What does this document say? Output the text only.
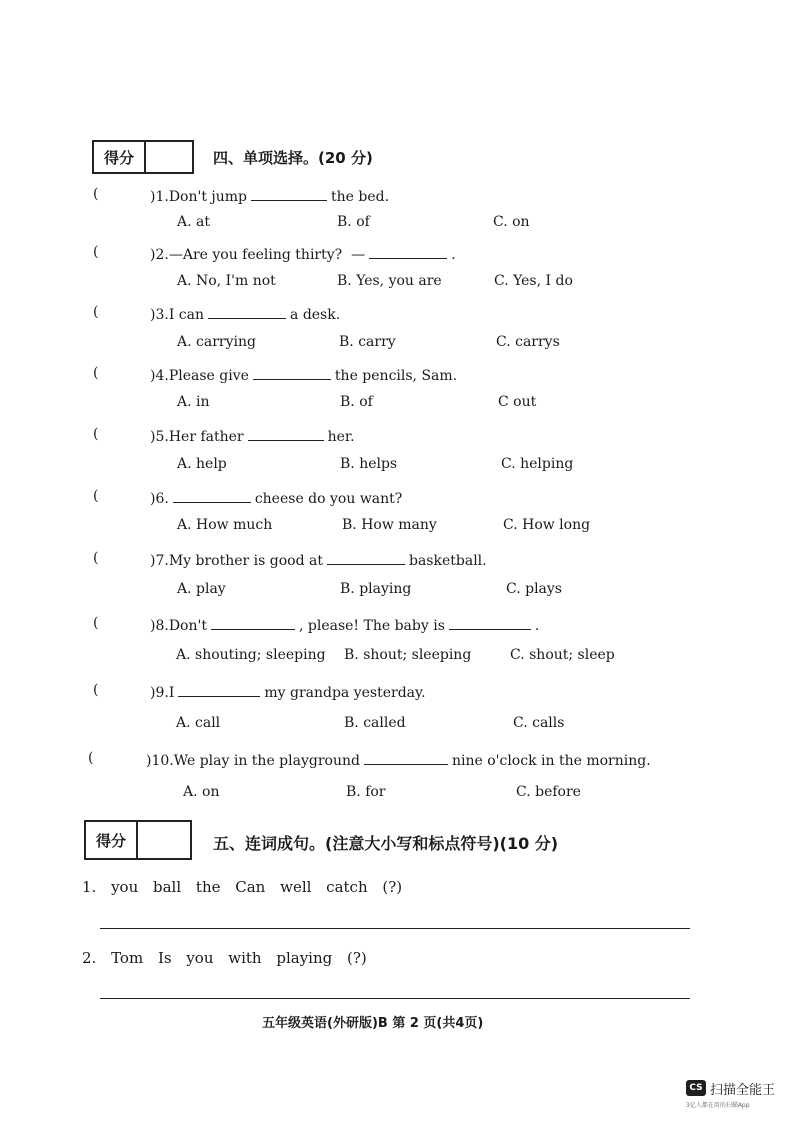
得分	四、单项选择。(20 分)
(	)1.Don't jump	the bed.
A. at	B. of	C. on
(	)2.—Are you feeling thirty?  —	.
A. No, I'm not	B. Yes, you are	C. Yes, I do
(	)3.I can	a desk.
A. carrying	B. carry	C. carrys
(	)4.Please give	the pencils, Sam.
A. in	B. of	C out
(	)5.Her father	her.
A. help	B. helps	C. helping
(	)6.	cheese do you want?
A. How much	B. How many	C. How long
(	)7.My brother is good at	basketball.
A. play	B. playing	C. plays
(	)8.Don't	, please! The baby is	.
A. shouting; sleeping B. shout; sleeping	C. shout; sleep
(	)9.I	my grandpa yesterday.
A. call	B. called	C. calls
(	)10.We play in the playground	nine o'clock in the morning.
A. on	B. for	C. before
得分	五、连词成句。(注意大小写和标点符号)(10 分)
1. you ball the Can well catch (?)
2. Tom Is you with playing (?)
五年级英语(外研版)B 第 2 页(共4页)
CS 扫描全能王
3亿人都在用的扫描App
